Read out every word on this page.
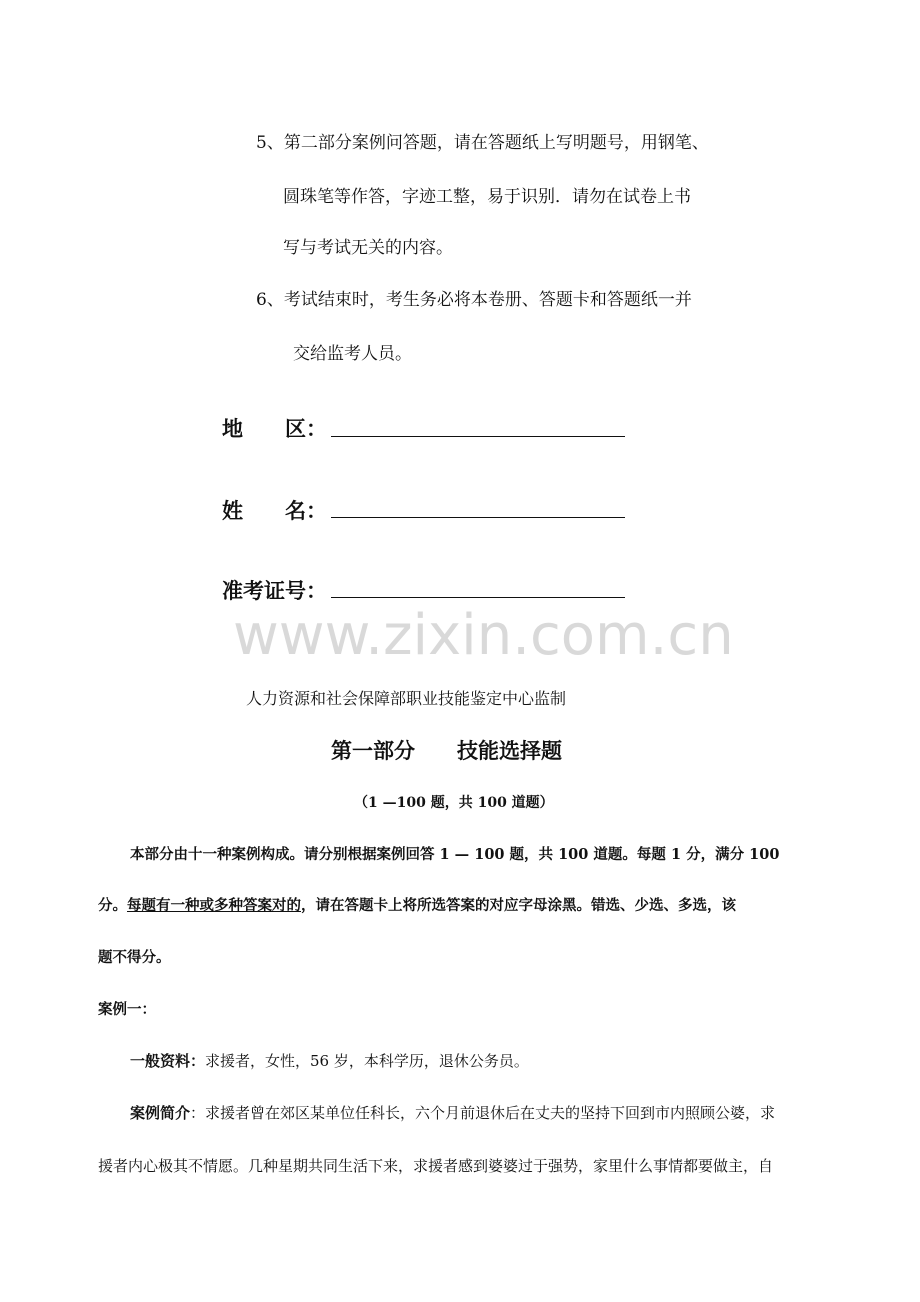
5、第二部分案例问答题，请在答题纸上写明题号，用钢笔、
圆珠笔等作答，字迹工整，易于识别．请勿在试卷上书
写与考试无关的内容。
6、考试结束时，考生务必将本卷册、答题卡和答题纸一并
交给监考人员。
地　　区：
姓　　名：
准考证号：
www.zixin.com.cn
人力资源和社会保障部职业技能鉴定中心监制
第一部分　　技能选择题
（1 —100 题，共 100 道题）
本部分由十一种案例构成。请分别根据案例回答 1 — 100 题，共 100 道题。每题 1 分，满分 100
分。每题有一种或多种答案对的，请在答题卡上将所选答案的对应字母涂黑。错选、少选、多选，该
题不得分。
案例一：
一般资料：求援者，女性，56 岁，本科学历，退休公务员。
案例简介：求援者曾在郊区某单位任科长，六个月前退休后在丈夫的坚持下回到市内照顾公婆，求
援者内心极其不情愿。几种星期共同生活下来，求援者感到婆婆过于强势，家里什么事情都要做主，自
